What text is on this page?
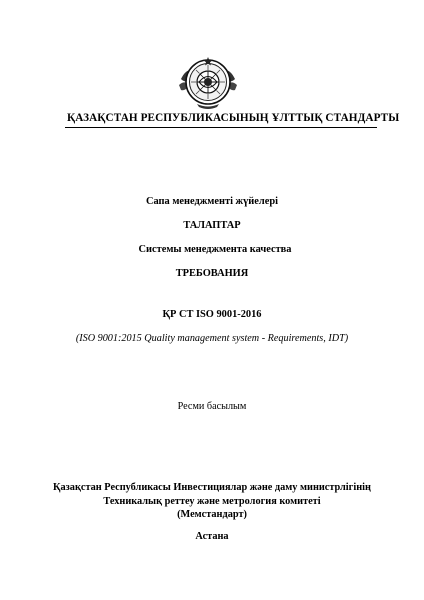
ҚАЗАҚСТАН РЕСПУБЛИКАСЫНЫҢ ҰЛТТЫҚ СТАНДАРТЫ
Сапа менеджменті жүйелері
ТАЛАПТАР
Системы менеджмента качества
ТРЕБОВАНИЯ
ҚР СТ ISO 9001-2016
(ISO 9001:2015 Quality management system - Requirements, IDT)
Ресми басылым
Қазақстан Республикасы Инвестициялар және даму министрлігінің
Техникалық реттеу және метрология комитеті
(Мемстандарт)
Астана
